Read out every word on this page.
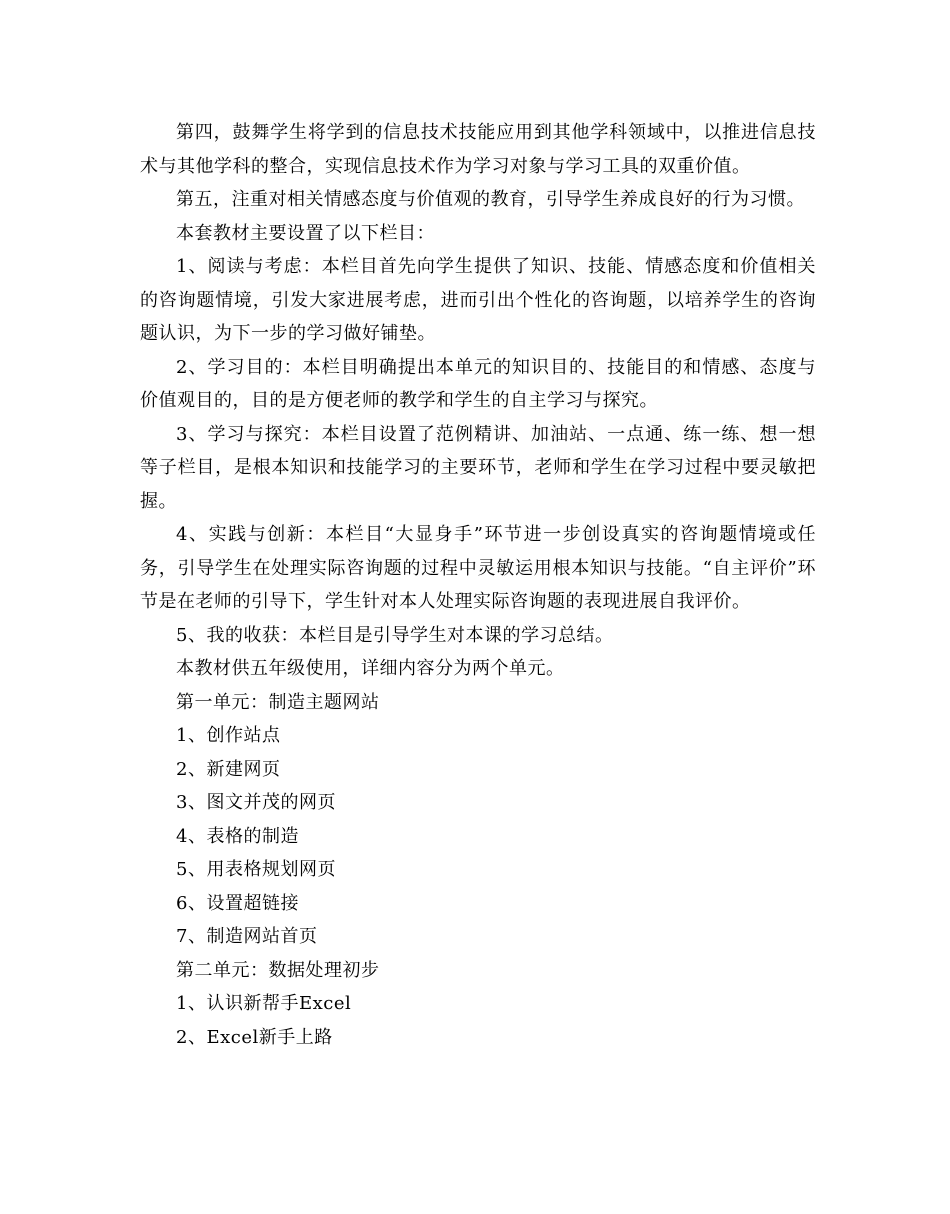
第四，鼓舞学生将学到的信息技术技能应用到其他学科领域中，以推进信息技术与其他学科的整合，实现信息技术作为学习对象与学习工具的双重价值。

第五，注重对相关情感态度与价值观的教育，引导学生养成良好的行为习惯。

本套教材主要设置了以下栏目：

1、阅读与考虑：本栏目首先向学生提供了知识、技能、情感态度和价值相关的咨询题情境，引发大家进展考虑，进而引出个性化的咨询题，以培养学生的咨询题认识，为下一步的学习做好铺垫。

2、学习目的：本栏目明确提出本单元的知识目的、技能目的和情感、态度与价值观目的，目的是方便老师的教学和学生的自主学习与探究。

3、学习与探究：本栏目设置了范例精讲、加油站、一点通、练一练、想一想等子栏目，是根本知识和技能学习的主要环节，老师和学生在学习过程中要灵敏把握。

4、实践与创新：本栏目“大显身手”环节进一步创设真实的咨询题情境或任务，引导学生在处理实际咨询题的过程中灵敏运用根本知识与技能。“自主评价”环节是在老师的引导下，学生针对本人处理实际咨询题的表现进展自我评价。

5、我的收获：本栏目是引导学生对本课的学习总结。

本教材供五年级使用，详细内容分为两个单元。

第一单元：制造主题网站

1、创作站点

2、新建网页

3、图文并茂的网页

4、表格的制造

5、用表格规划网页

6、设置超链接

7、制造网站首页

第二单元：数据处理初步

1、认识新帮手Excel

2、Excel新手上路
